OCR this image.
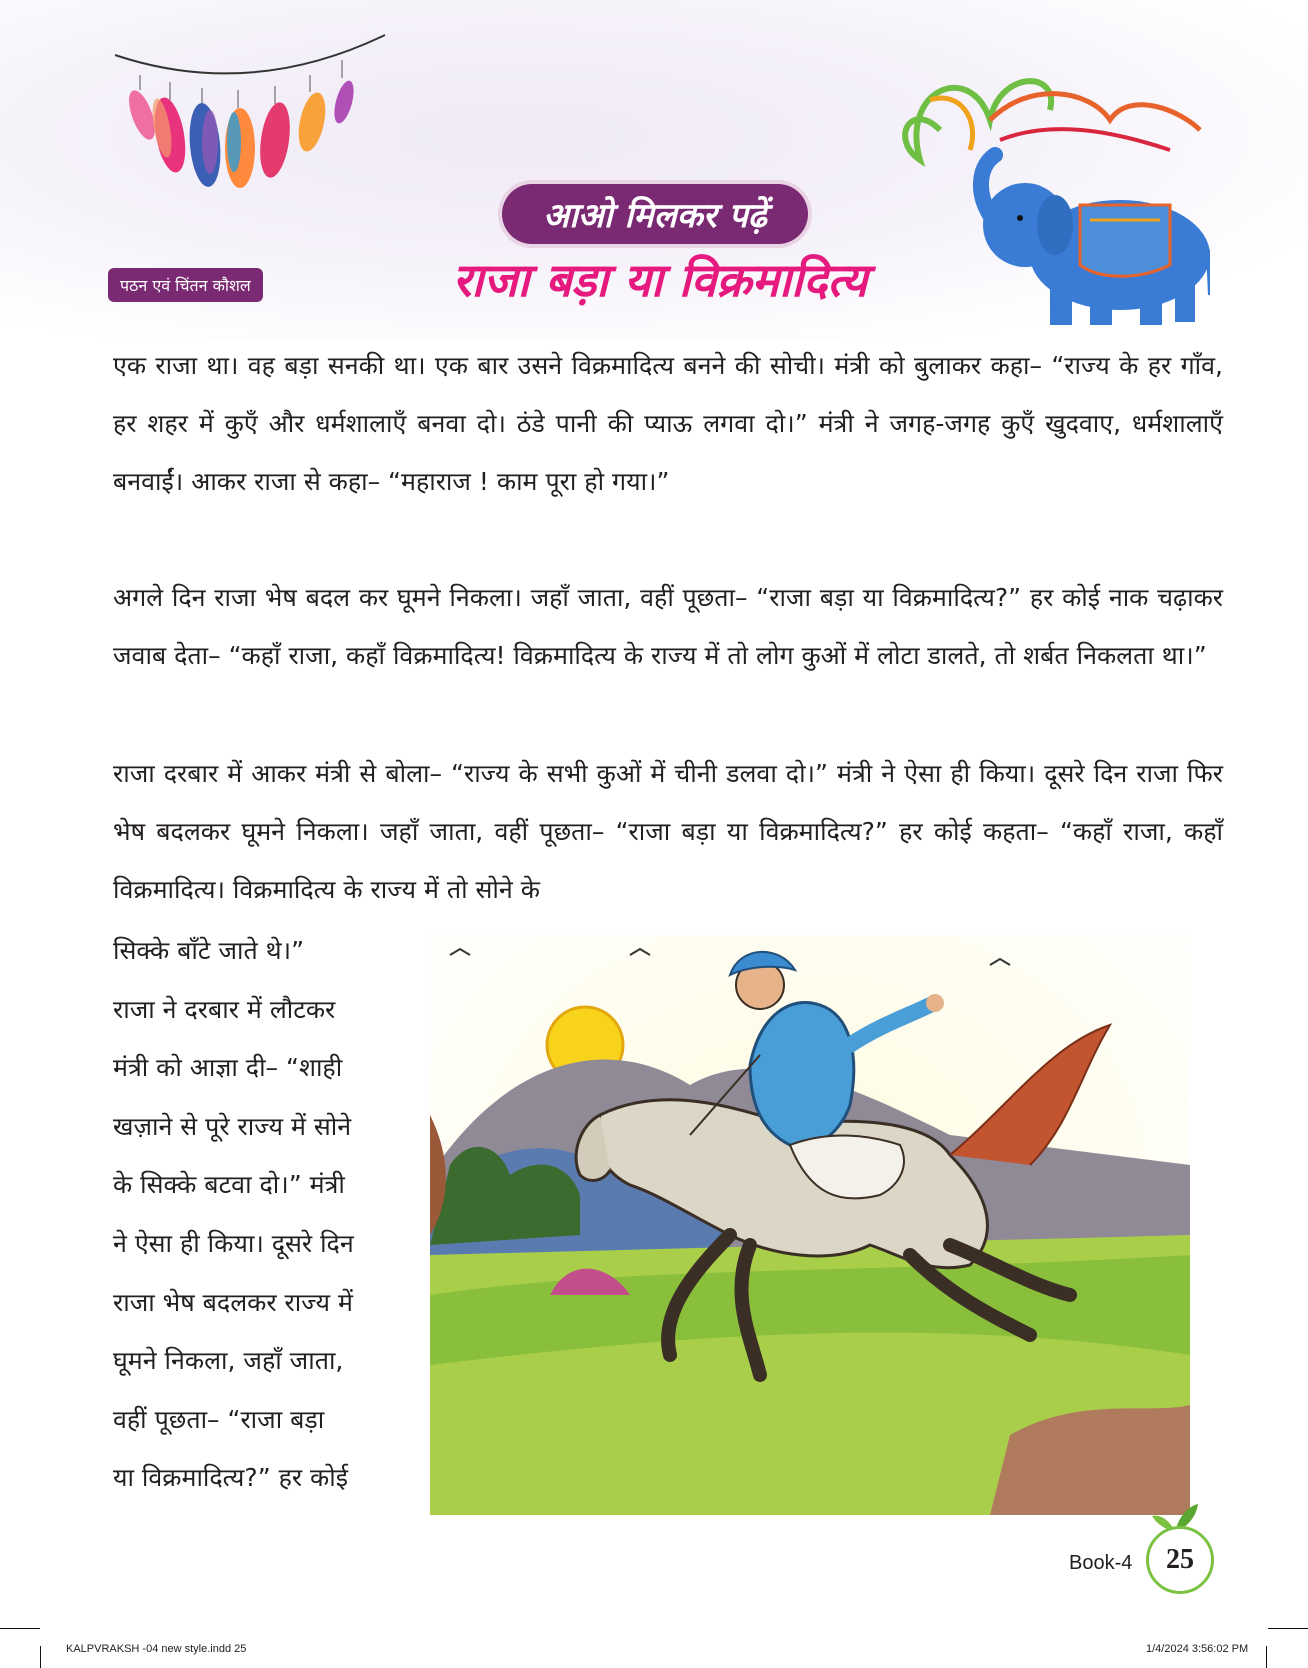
आओ मिलकर पढ़ें
राजा बड़ा या विक्रमादित्य
पठन एवं चिंतन कौशल
एक राजा था। वह बड़ा सनकी था। एक बार उसने विक्रमादित्य बनने की सोची। मंत्री को बुलाकर कहा– “राज्य के हर गाँव, हर शहर में कुएँ और धर्मशालाएँ बनवा दो। ठंडे पानी की प्याऊ लगवा दो।” मंत्री ने जगह-जगह कुएँ खुदवाए, धर्मशालाएँ बनवाईं। आकर राजा से कहा– “महाराज ! काम पूरा हो गया।”
अगले दिन राजा भेष बदल कर घूमने निकला। जहाँ जाता, वहीं पूछता– “राजा बड़ा या विक्रमादित्य?” हर कोई नाक चढ़ाकर जवाब देता– “कहाँ राजा, कहाँ विक्रमादित्य! विक्रमादित्य के राज्य में तो लोग कुओं में लोटा डालते, तो शर्बत निकलता था।”
राजा दरबार में आकर मंत्री से बोला– “राज्य के सभी कुओं में चीनी डलवा दो।” मंत्री ने ऐसा ही किया। दूसरे दिन राजा फिर भेष बदलकर घूमने निकला। जहाँ जाता, वहीं पूछता– “राजा बड़ा या विक्रमादित्य?” हर कोई कहता– “कहाँ राजा, कहाँ विक्रमादित्य। विक्रमादित्य के राज्य में तो सोने के
सिक्के बाँटे जाते थे।”
राजा ने दरबार में लौटकर
मंत्री को आज्ञा दी– “शाही
खज़ाने से पूरे राज्य में सोने
के सिक्के बटवा दो।” मंत्री
ने ऐसा ही किया। दूसरे दिन
राजा भेष बदलकर राज्य में
घूमने निकला, जहाँ जाता,
वहीं पूछता– “राजा बड़ा
या विक्रमादित्य?” हर कोई
Book-4	25
KALPVRAKSH -04 new style.indd 25	1/4/2024 3:56:02 PM
